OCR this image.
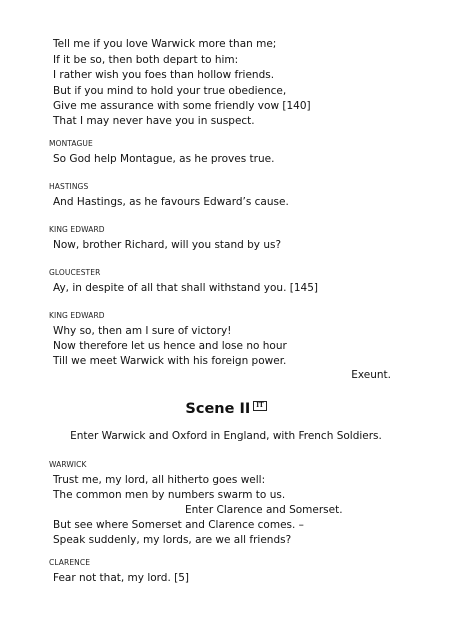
Tell me if you love Warwick more than me;
If it be so, then both depart to him:
I rather wish you foes than hollow friends.
But if you mind to hold your true obedience,
Give me assurance with some friendly vow [140]
That I may never have you in suspect.
MONTAGUE
So God help Montague, as he proves true.
HASTINGS
And Hastings, as he favours Edward’s cause.
KING EDWARD
Now, brother Richard, will you stand by us?
GLOUCESTER
Ay, in despite of all that shall withstand you. [145]
KING EDWARD
Why so, then am I sure of victory!
Now therefore let us hence and lose no hour
Till we meet Warwick with his foreign power.
Exeunt.
Scene II IT
Enter Warwick and Oxford in England, with French Soldiers.
WARWICK
Trust me, my lord, all hitherto goes well:
The common men by numbers swarm to us.
Enter Clarence and Somerset.
But see where Somerset and Clarence comes. –
Speak suddenly, my lords, are we all friends?
CLARENCE
Fear not that, my lord. [5]
